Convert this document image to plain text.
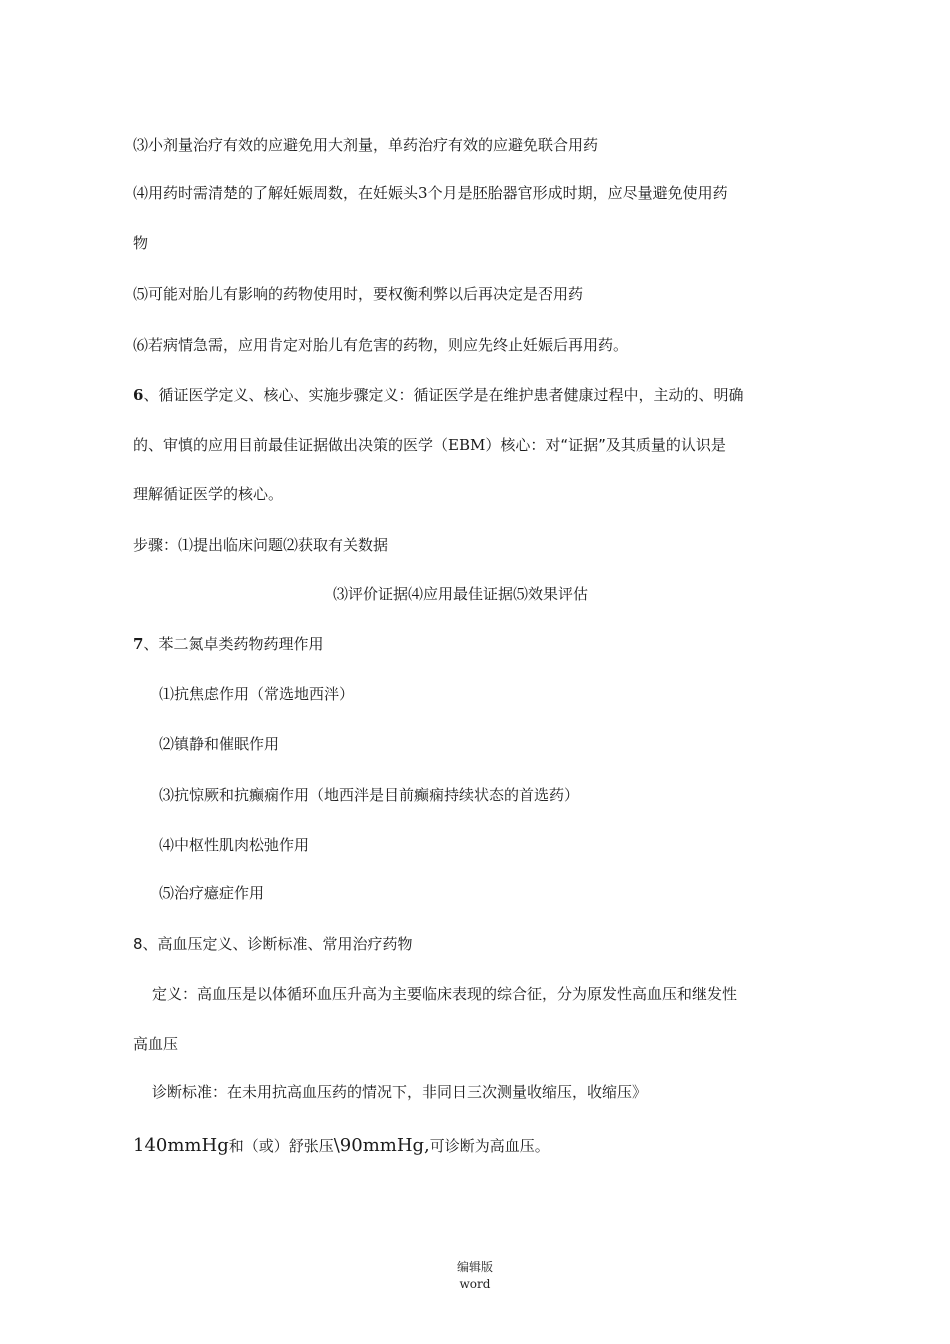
⑶小剂量治疗有效的应避免用大剂量，单药治疗有效的应避免联合用药
⑷用药时需清楚的了解妊娠周数，在妊娠头3个月是胚胎器官形成时期，应尽量避免使用药
物
⑸可能对胎儿有影响的药物使用时，要权衡利弊以后再决定是否用药
⑹若病情急需，应用肯定对胎儿有危害的药物，则应先终止妊娠后再用药。
6、循证医学定义、核心、实施步骤定义：循证医学是在维护患者健康过程中，主动的、明确
的、审慎的应用目前最佳证据做出决策的医学（EBM）核心：对“证据”及其质量的认识是
理解循证医学的核心。
步骤：⑴提出临床问题⑵获取有关数据
⑶评价证据⑷应用最佳证据⑸效果评估
7、苯二氮卓类药物药理作用
⑴抗焦虑作用（常选地西泮）
⑵镇静和催眠作用
⑶抗惊厥和抗癫痫作用（地西泮是目前癫痫持续状态的首选药）
⑷中枢性肌肉松弛作用
⑸治疗癔症作用
8、高血压定义、诊断标准、常用治疗药物
定义：高血压是以体循环血压升高为主要临床表现的综合征，分为原发性高血压和继发性
高血压
诊断标准：在未用抗高血压药的情况下，非同日三次测量收缩压，收缩压》
140mmHg和（或）舒张压\90mmHg,可诊断为高血压。
编辑版
word
